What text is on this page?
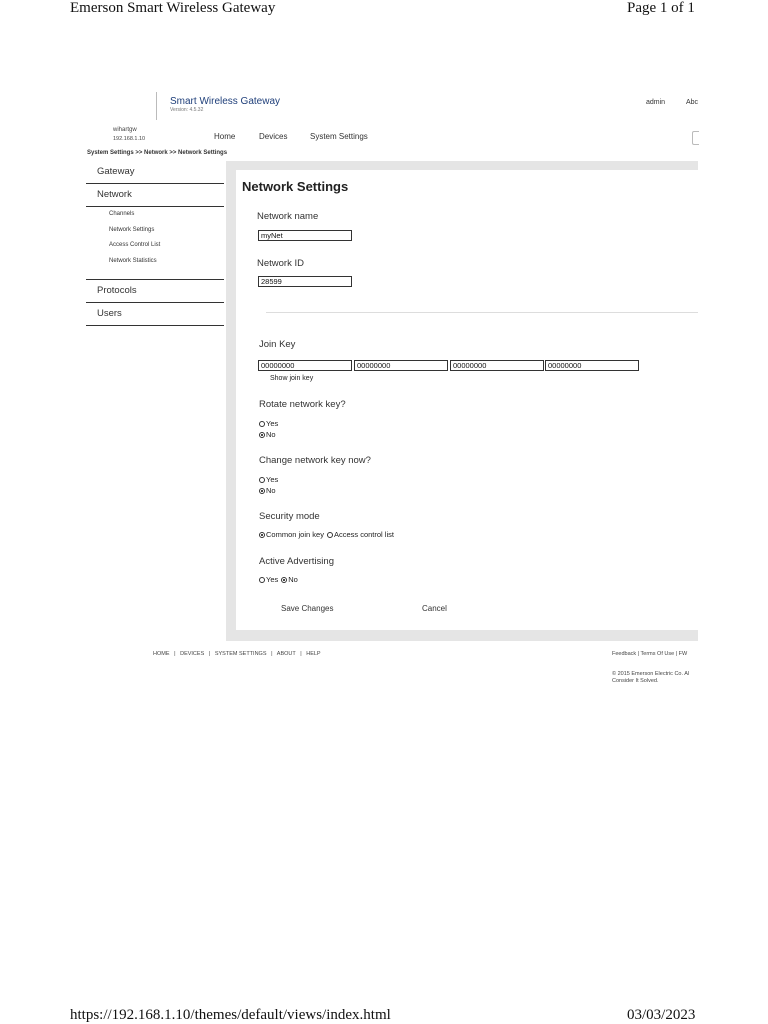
Emerson Smart Wireless Gateway	Page 1 of 1
Smart Wireless Gateway
Version: 4.5.32
admin	Abc
wihartgw
192.168.1.10	Home	Devices	System Settings
System Settings >> Network >> Network Settings
Gateway
Network
Channels
Network Settings
Access Control List
Network Statistics
Protocols
Users
Network Settings
Network name
myNet
Network ID
28599
Join Key
00000000
00000000
00000000
00000000
Show join key
Rotate network key?
Yes
No
Change network key now?
Yes
No
Security mode
Common join key Access control list
Active Advertising
Yes No
Save Changes	Cancel
HOME   |   DEVICES   |   SYSTEM SETTINGS   |   ABOUT   |   HELP	Feedback | Terms Of Use | FW
© 2015 Emerson Electric Co. Al
Consider It Solved.
https://192.168.1.10/themes/default/views/index.html	03/03/2023
